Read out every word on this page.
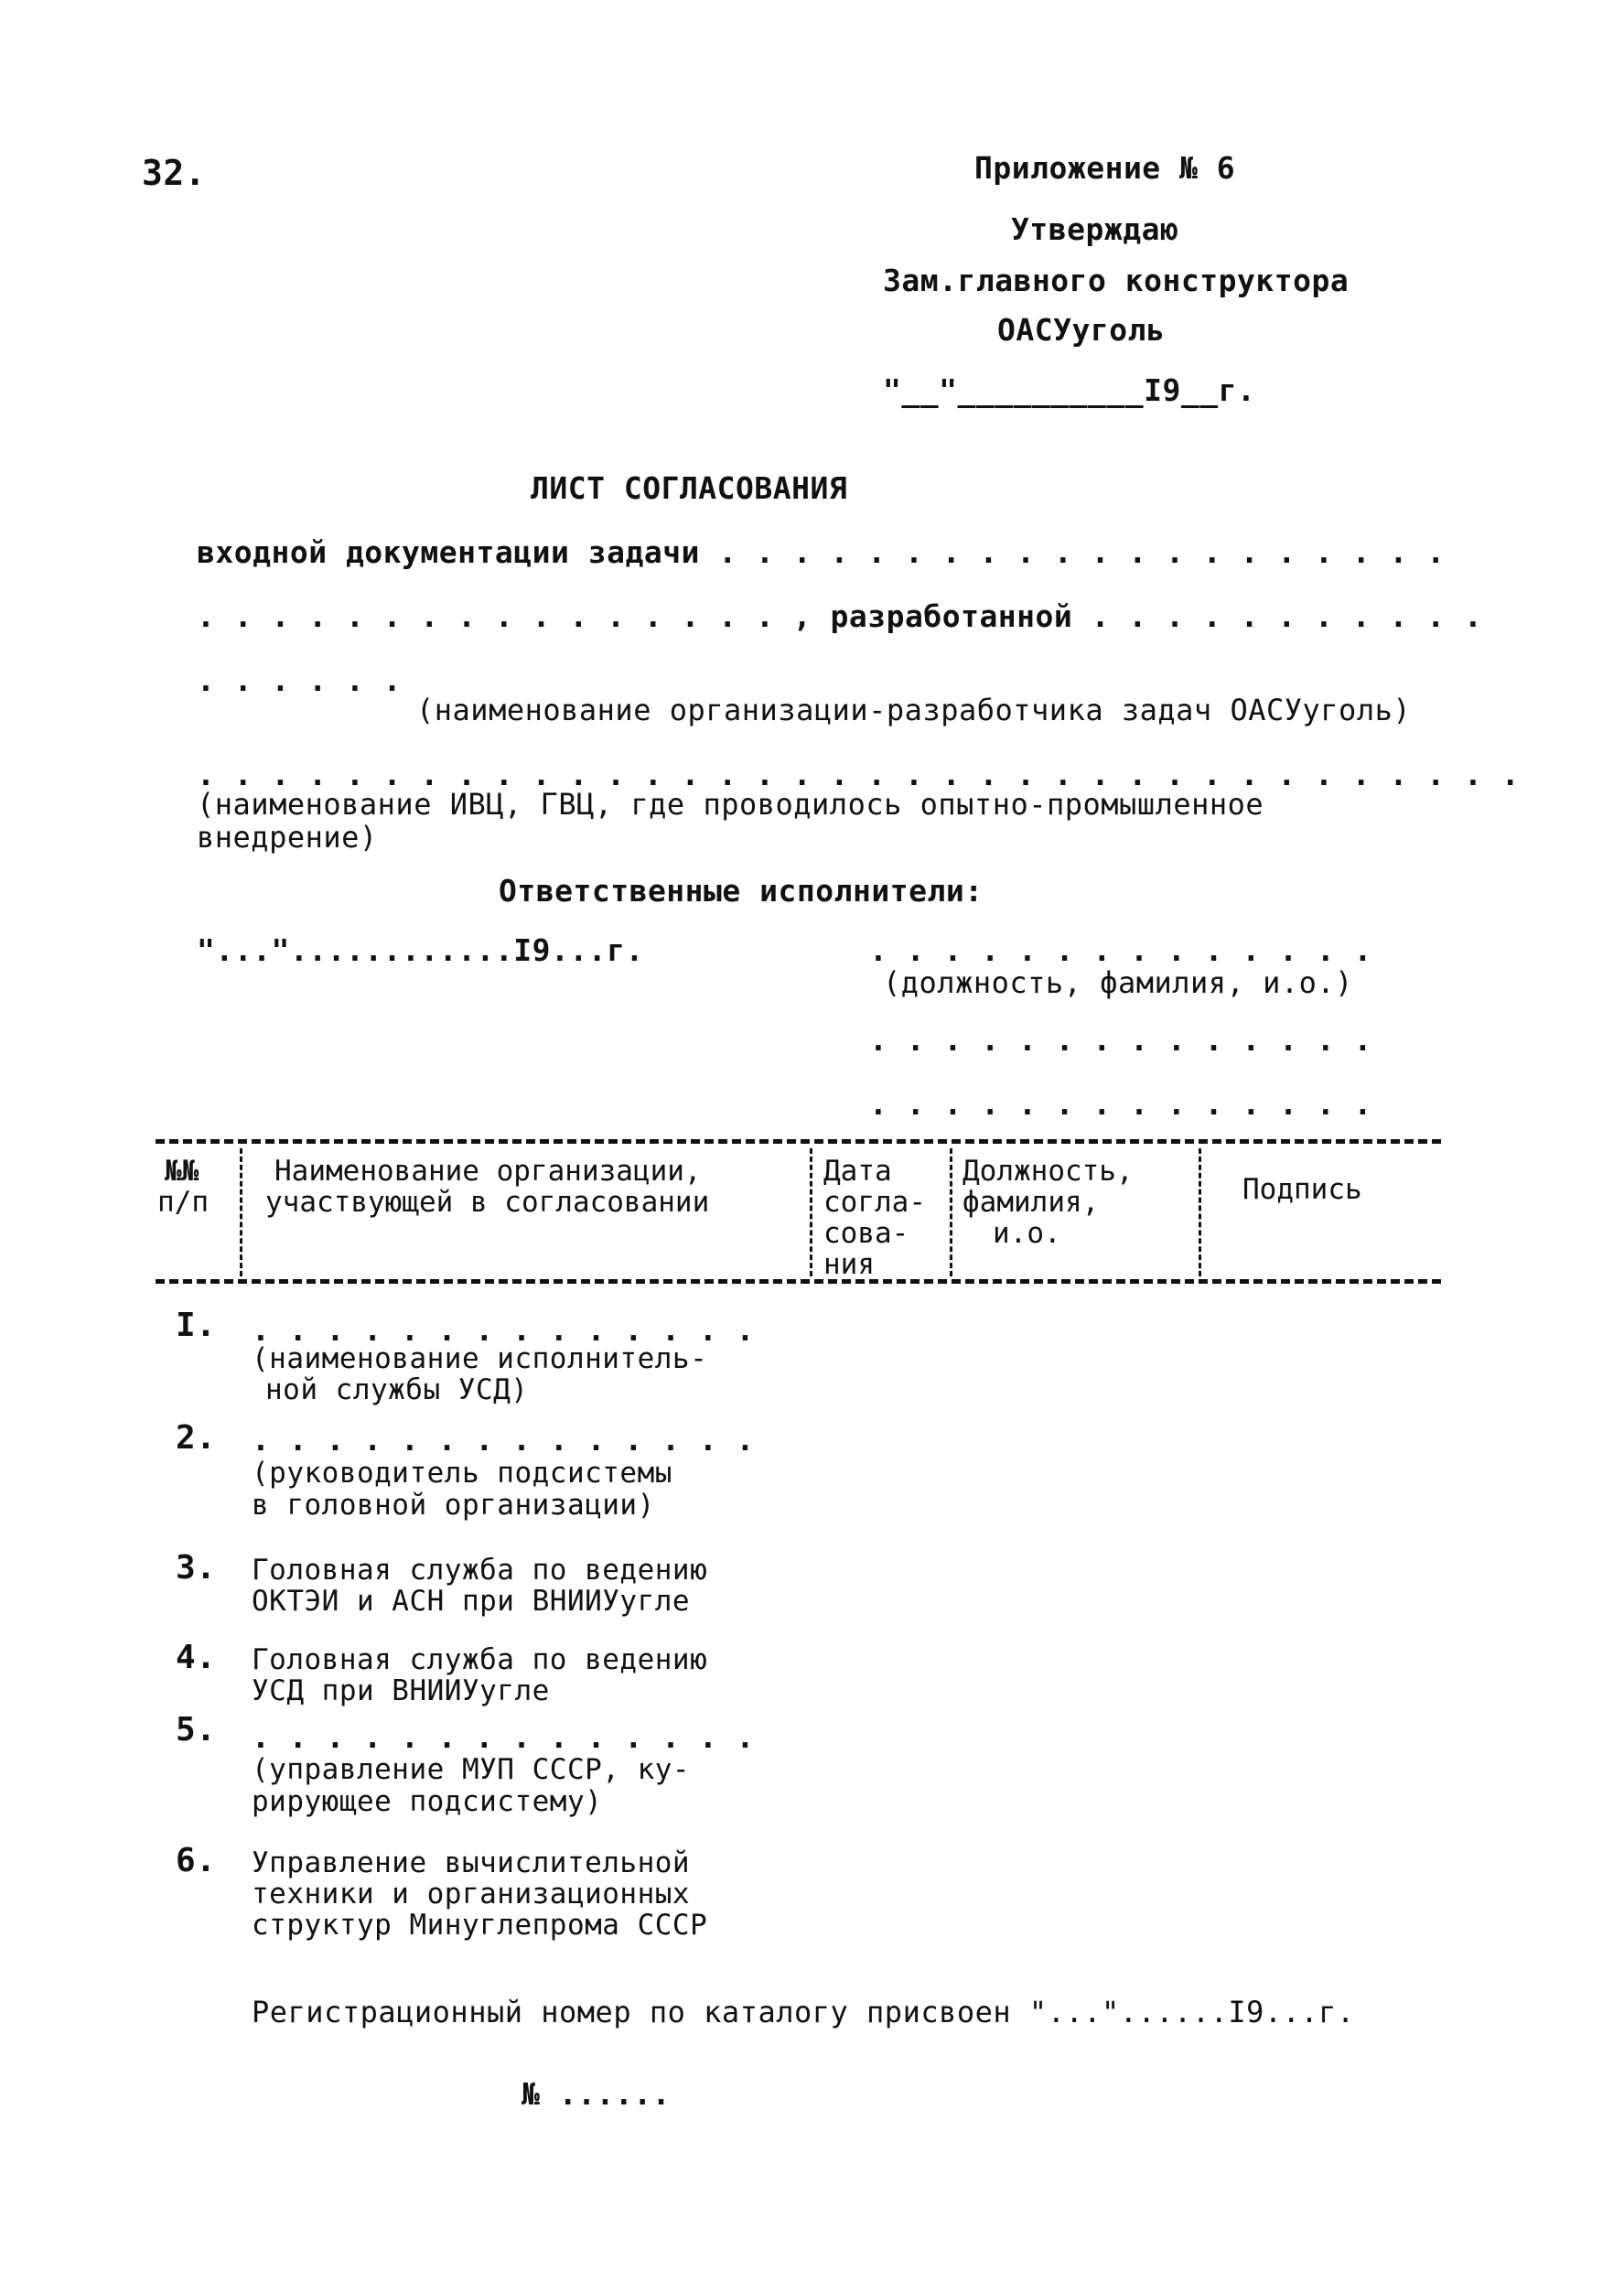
32.	Приложение № 6
Утверждаю
Зам.главного конструктора
ОАСУуголь
"__"__________I9__г.
ЛИСТ СОГЛАСОВАНИЯ
входной документации задачи . . . . . . . . . . . . . . . . . . . .
. . . . . . . . . . . . . . . . , разработанной . . . . . . . . . . .
. . . . . .
(наименование организации-разработчика задач ОАСУуголь)
. . . . . . . . . . . . . . . . . . . . . . . . . . . . . . . . . . . .
(наименование ИВЦ, ГВЦ, где проводилось опытно-промышленное
внедрение)
Ответственные исполнители:
"..."............I9...г.	. . . . . . . . . . . . . .
(должность, фамилия, и.о.)
. . . . . . . . . . . . . .
. . . . . . . . . . . . . .
№№
п/п
Наименование организации,
участвующей в согласовании
Дата
согла-
сова-
ния
Должность,
фамилия,
и.о.
Подпись
I. . . . . . . . . . . . . . .
(наименование исполнитель-
ной службы УСД)
2. . . . . . . . . . . . . . .
(руководитель подсистемы
в головной организации)
3. Головная служба по ведению
ОКТЭИ и АСН при ВНИИУугле
4. Головная служба по ведению
УСД при ВНИИУугле
5. . . . . . . . . . . . . . .
(управление МУП СССР, ку-
рирующее подсистему)
6. Управление вычислительной
техники и организационных
структур Минуглепрома СССР
Регистрационный номер по каталогу присвоен "..."......I9...г.
№ ......
